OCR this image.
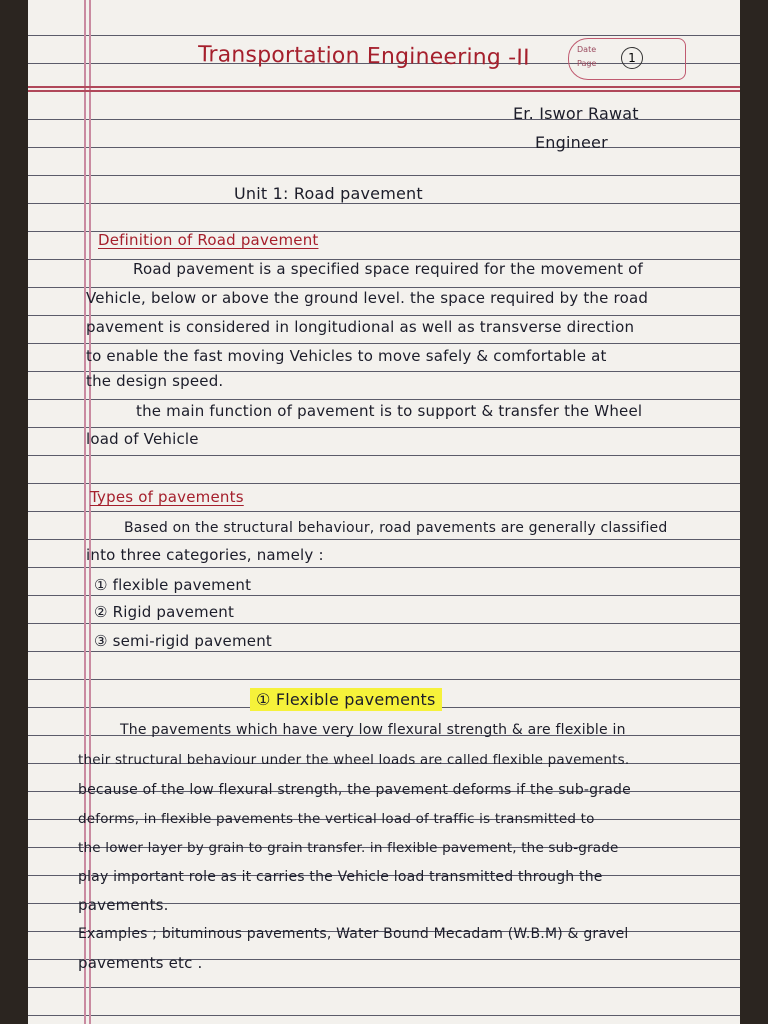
Transportation Engineering -II	Date
Page	1
Er. Iswor Rawat
Engineer
Unit 1: Road pavement
Definition of Road pavement
Road pavement is a specified space required for the movement of
Vehicle, below or above the ground level. the space required by the road
pavement is considered in longitudional as well as transverse direction
to enable the fast moving Vehicles to move safely & comfortable at
the design speed.
the main function of pavement is to support & transfer the Wheel
load of Vehicle
Types of pavements
Based on the structural behaviour, road pavements are generally classified
into three categories, namely :
① flexible pavement
② Rigid pavement
③ semi-rigid pavement
① Flexible pavements
The pavements which have very low flexural strength & are flexible in
their structural behaviour under the wheel loads are called flexible pavements.
because of the low flexural strength, the pavement deforms if the sub-grade
deforms, in flexible pavements the vertical load of traffic is transmitted to
the lower layer by grain to grain transfer. in flexible pavement, the sub-grade
play important role as it carries the Vehicle load transmitted through the
pavements.
Examples ; bituminous pavements, Water Bound Mecadam (W.B.M) & gravel
pavements etc .
